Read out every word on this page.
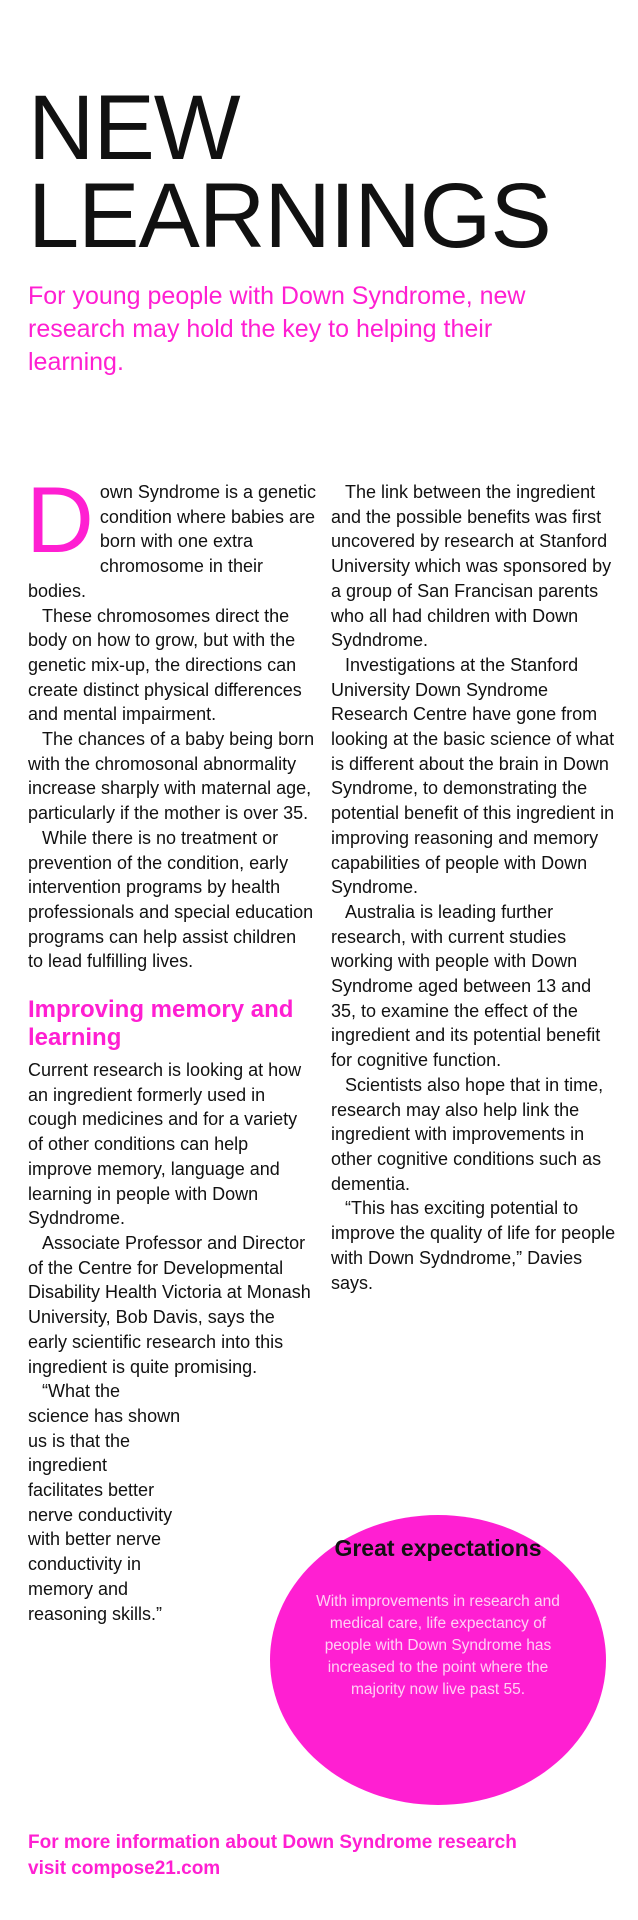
NEW
LEARNINGS

For young people with Down Syndrome, new research may hold the key to helping their learning.

Down Syndrome is a genetic condition where babies are born with one extra chromosome in their bodies.

These chromosomes direct the body on how to grow, but with the genetic mix-up, the directions can create distinct physical differences and mental impairment.

The chances of a baby being born with the chromosonal abnormality increase sharply with maternal age, particularly if the mother is over 35.

While there is no treatment or prevention of the condition, early intervention programs by health professionals and special education programs can help assist children to lead fulfilling lives.

Improving memory and learning

Current research is looking at how an ingredient formerly used in cough medicines and for a variety of other conditions can help improve memory, language and learning in people with Down Sydndrome.

Associate Professor and Director of the Centre for Developmental Disability Health Victoria at Monash University, Bob Davis, says the early scientific research into this ingredient is quite promising.

“What the science has shown us is that the ingredient facilitates better nerve conductivity with better nerve conductivity in memory and reasoning skills.”

The link between the ingredient and the possible benefits was first uncovered by research at Stanford University which was sponsored by a group of San Francisan parents who all had children with Down Sydndrome.

Investigations at the Stanford University Down Syndrome Research Centre have gone from looking at the basic science of what is different about the brain in Down Syndrome, to demonstrating the potential benefit of this ingredient in improving reasoning and memory capabilities of people with Down Syndrome.

Australia is leading further research, with current studies working with people with Down Syndrome aged between 13 and 35, to examine the effect of the ingredient and its potential benefit for cognitive function.

Scientists also hope that in time, research may also help link the ingredient with improvements in other cognitive conditions such as dementia.

“This has exciting potential to improve the quality of life for people with Down Sydndrome,” Davies says.

Great expectations
With improvements in research and medical care, life expectancy of people with Down Syndrome has increased to the point where the majority now live past 55.
For more information about Down Syndrome research visit compose21.com
